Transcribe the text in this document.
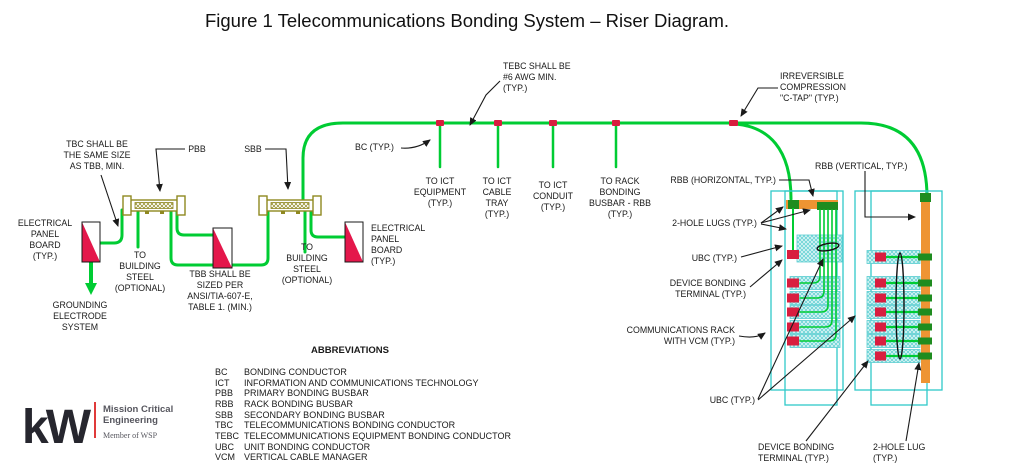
Figure 1 Telecommunications Bonding System – Riser Diagram.
TBC SHALL BE
THE SAME SIZE
AS TBB, MIN.
PBB	SBB
ELECTRICAL
PANEL
BOARD
(TYP.)	TO
BUILDING
STEEL
(OPTIONAL)
GROUNDING
ELECTRODE
SYSTEM
TBB SHALL BE
SIZED PER
ANSI/TIA-607-E,
TABLE 1. (MIN.)
TO
BUILDING
STEEL
(OPTIONAL)
ELECTRICAL
PANEL
BOARD
(TYP.)
TEBC SHALL BE
#6 AWG MIN.
(TYP.)
BC (TYP.)
TO ICT
EQUIPMENT
(TYP.)
TO ICT
CABLE
TRAY
(TYP.)
TO ICT
CONDUIT
(TYP.)
TO RACK
BONDING
BUSBAR - RBB
(TYP.)
IRREVERSIBLE
COMPRESSION
"C-TAP" (TYP.)
RBB (HORIZONTAL, TYP.)
RBB (VERTICAL, TYP.)
2-HOLE LUGS (TYP.)
UBC (TYP.)
DEVICE BONDING
TERMINAL (TYP.)
COMMUNICATIONS RACK
WITH VCM (TYP.)
UBC (TYP.)
DEVICE BONDING
TERMINAL (TYP.)
2-HOLE LUG
(TYP.)
ABBREVIATIONS
BC BONDING CONDUCTOR
ICT INFORMATION AND COMMUNICATIONS TECHNOLOGY
PBB PRIMARY BONDING BUSBAR
RBB RACK BONDING BUSBAR
SBB SECONDARY BONDING BUSBAR
TBC TELECOMMUNICATIONS BONDING CONDUCTOR
TEBC TELECOMMUNICATIONS EQUIPMENT BONDING CONDUCTOR
UBC UNIT BONDING CONDUCTOR
VCM VERTICAL CABLE MANAGER
kW	Mission Critical
Engineering
Member of WSP
